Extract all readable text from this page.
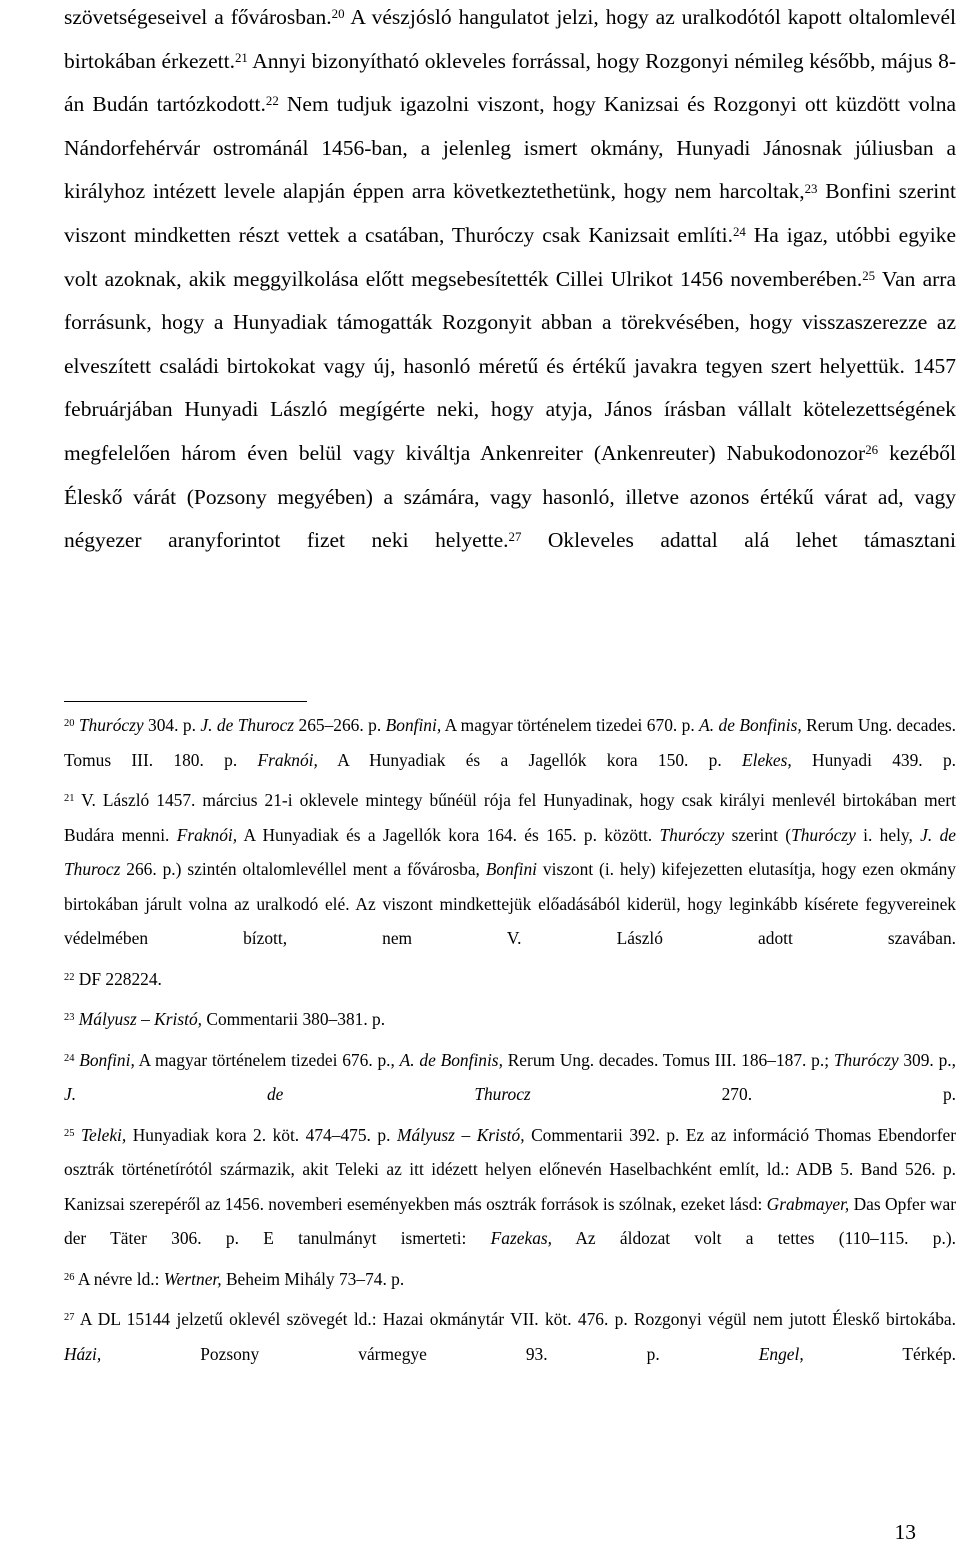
szövetségeseivel a fővárosban.$^{20}$ A vészjósló hangulatot jelzi, hogy az uralkodótól kapott oltalomlevél birtokában érkezett.$^{21}$ Annyi bizonyítható okleveles forrással, hogy Rozgonyi némileg később, május 8-án Budán tartózkodott.$^{22}$ Nem tudjuk igazolni viszont, hogy Kanizsai és Rozgonyi ott küzdött volna Nándorfehérvár ostrománál 1456-ban, a jelenleg ismert okmány, Hunyadi Jánosnak júliusban a királyhoz intézett levele alapján éppen arra következtethetünk, hogy nem harcoltak,$^{23}$ Bonfini szerint viszont mindketten részt vettek a csatában, Thuróczy csak Kanizsait említi.$^{24}$ Ha igaz, utóbbi egyike volt azoknak, akik meggyilkolása előtt megsebesítették Cillei Ulrikot 1456 novemberében.$^{25}$ Van arra forrásunk, hogy a Hunyadiak támogatták Rozgonyit abban a törekvésében, hogy visszaszerezze az elveszített családi birtokokat vagy új, hasonló méretű és értékű javakra tegyen szert helyettük. 1457 februárjában Hunyadi László megígérte neki, hogy atyja, János írásban vállalt kötelezettségének megfelelően három éven belül vagy kiváltja Ankenreiter (Ankenreuter) Nabukodonozor$^{26}$ kezéből Éleskő várát (Pozsony megyében) a számára, vagy hasonló, illetve azonos értékű várat ad, vagy négyezer aranyforintot fizet neki helyette.$^{27}$ Okleveles adattal alá lehet támasztani

$^{20}$ Thuróczy 304. p. J. de Thurocz 265–266. p. Bonfini, A magyar történelem tizedei 670. p. A. de Bonfinis, Rerum Ung. decades. Tomus III. 180. p. Fraknói, A Hunyadiak és a Jagellók kora 150. p. Elekes, Hunyadi 439. p.

$^{21}$ V. László 1457. március 21-i oklevele mintegy bűnéül rója fel Hunyadinak, hogy csak királyi menlevél birtokában mert Budára menni. Fraknói, A Hunyadiak és a Jagellók kora 164. és 165. p. között. Thuróczy szerint (Thuróczy i. hely, J. de Thurocz 266. p.) szintén oltalomlevéllel ment a fővárosba, Bonfini viszont (i. hely) kifejezetten elutasítja, hogy ezen okmány birtokában járult volna az uralkodó elé. Az viszont mindkettejük előadásából kiderül, hogy leginkább kísérete fegyvereinek védelmében bízott, nem V. László adott szavában.

$^{22}$ DF 228224.

$^{23}$ Mályusz – Kristó, Commentarii 380–381. p.

$^{24}$ Bonfini, A magyar történelem tizedei 676. p., A. de Bonfinis, Rerum Ung. decades. Tomus III. 186–187. p.; Thuróczy 309. p., J. de Thurocz 270. p.

$^{25}$ Teleki, Hunyadiak kora 2. köt. 474–475. p. Mályusz – Kristó, Commentarii 392. p. Ez az információ Thomas Ebendorfer osztrák történetírótól származik, akit Teleki az itt idézett helyen előnevén Haselbachként említ, ld.: ADB 5. Band 526. p. Kanizsai szerepéről az 1456. novemberi eseményekben más osztrák források is szólnak, ezeket lásd: Grabmayer, Das Opfer war der Täter 306. p. E tanulmányt ismerteti: Fazekas, Az áldozat volt a tettes (110–115. p.).

$^{26}$ A névre ld.: Wertner, Beheim Mihály 73–74. p.

$^{27}$ A DL 15144 jelzetű oklevél szövegét ld.: Hazai okmánytár VII. köt. 476. p. Rozgonyi végül nem jutott Éleskő birtokába. Házi, Pozsony vármegye 93. p. Engel, Térkép.

13
